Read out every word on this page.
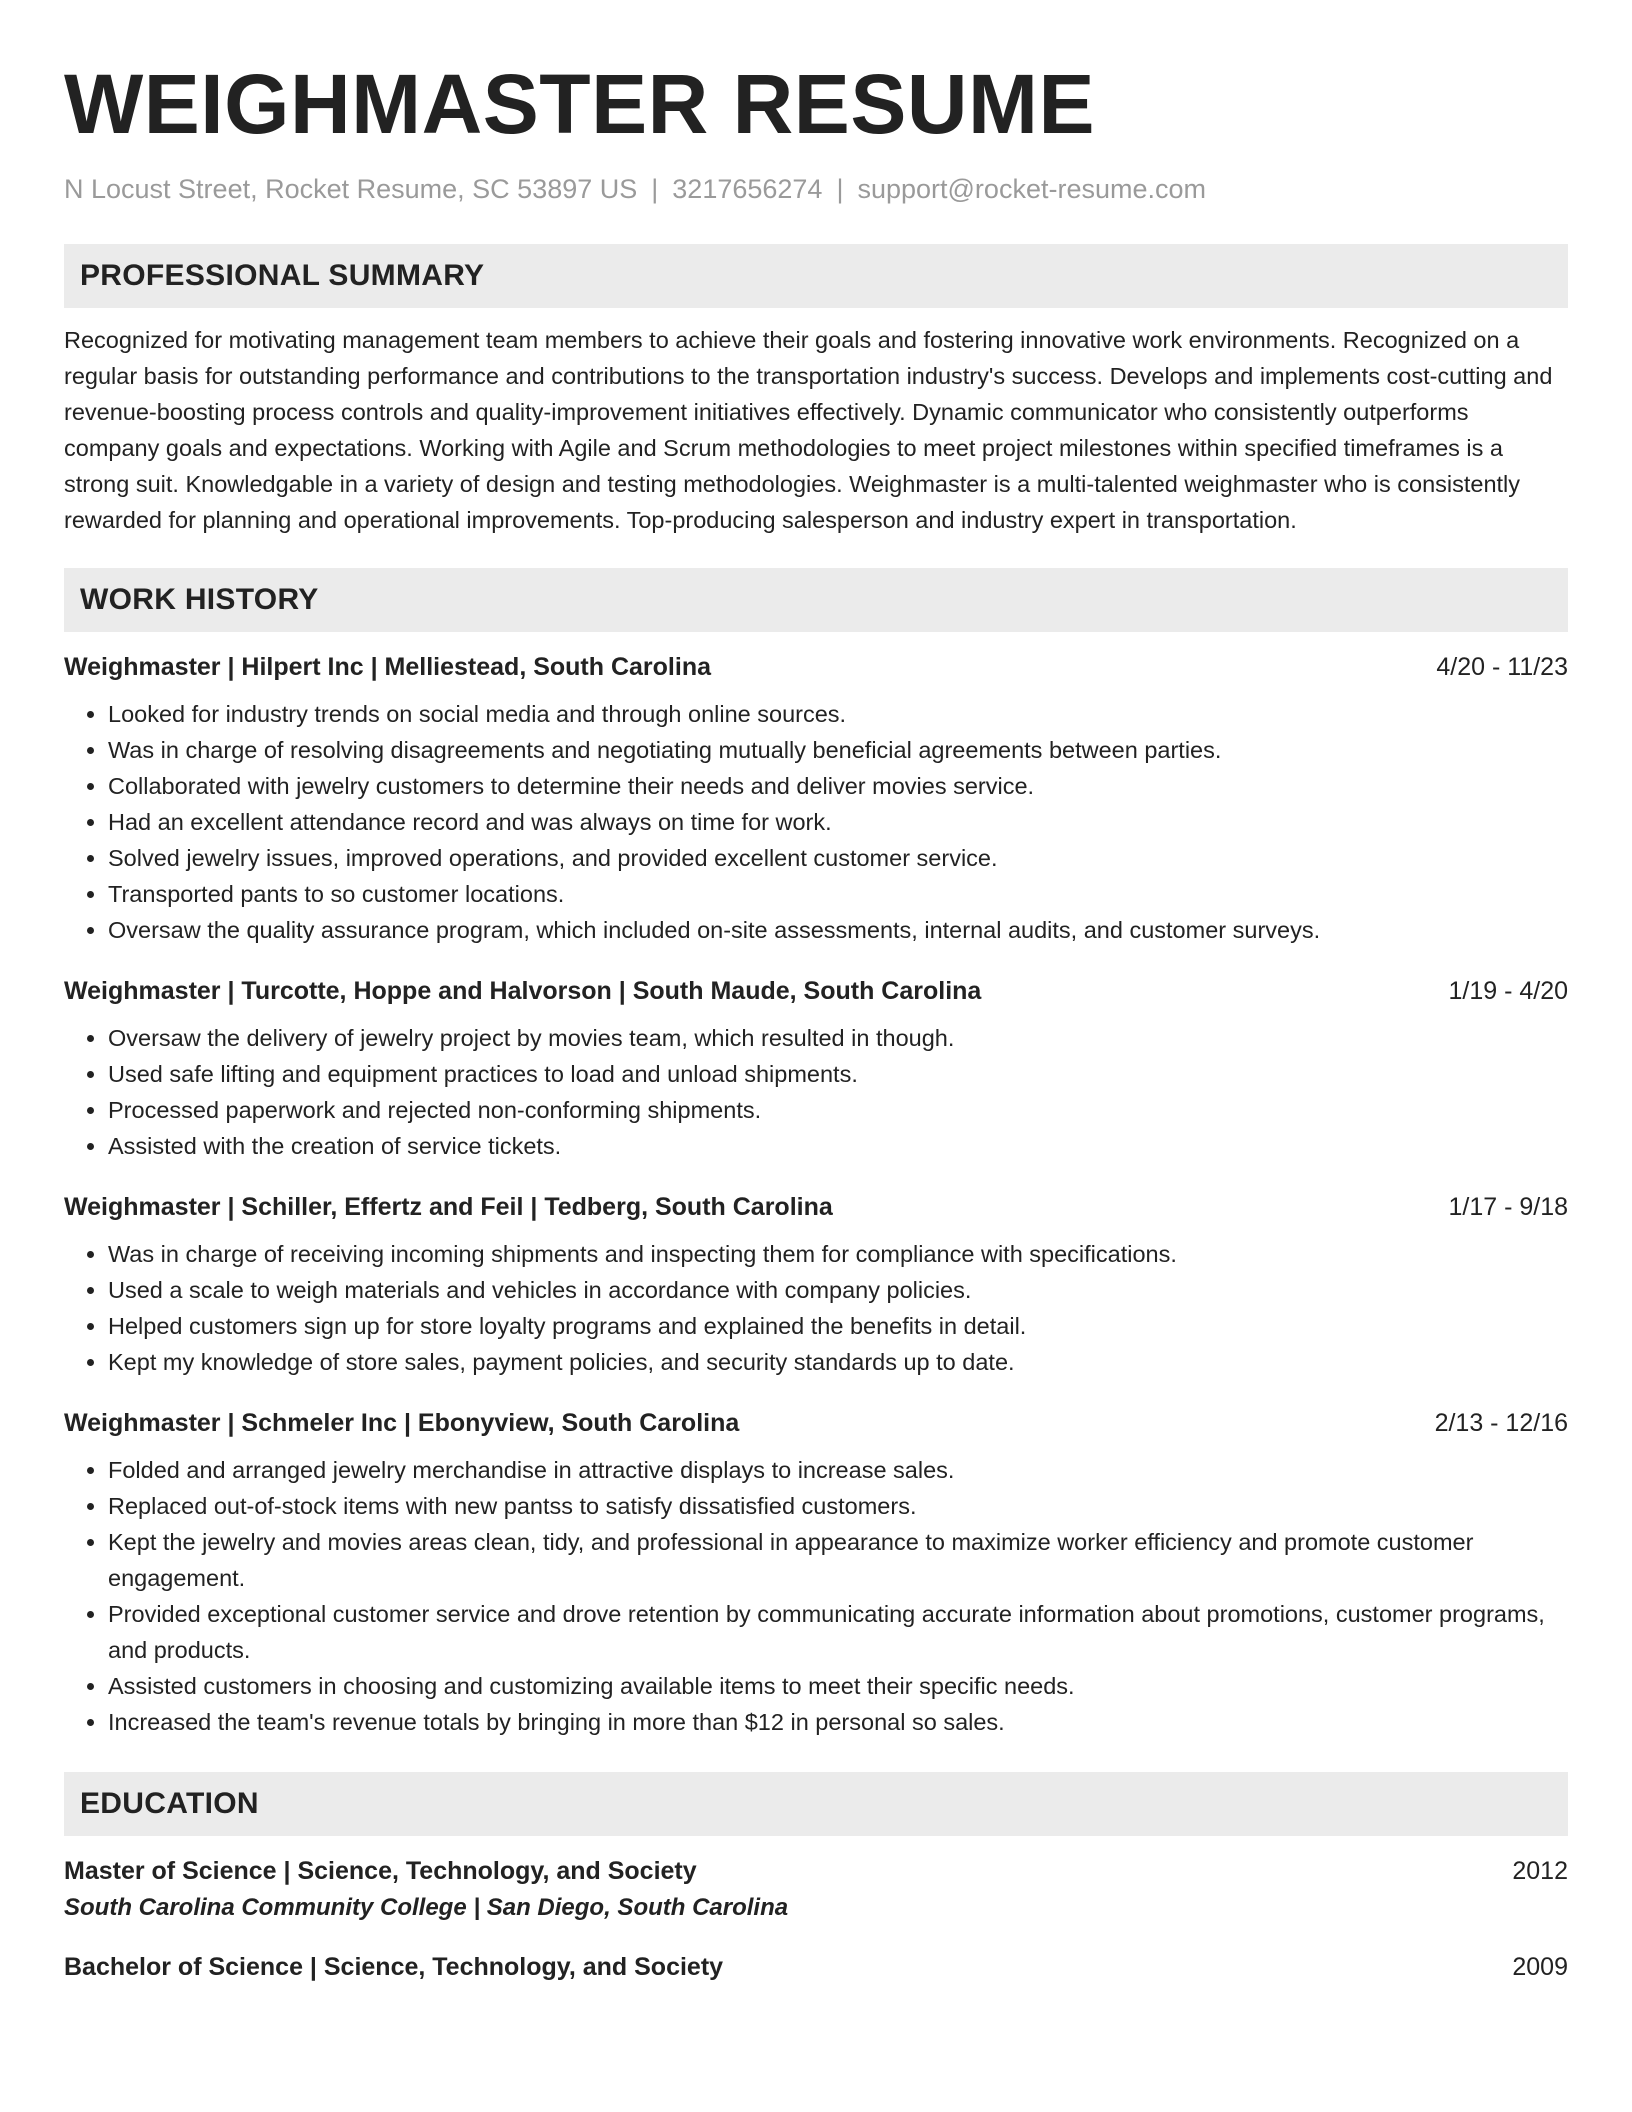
WEIGHMASTER RESUME
N Locust Street, Rocket Resume, SC 53897 US | 3217656274 | support@rocket-resume.com
PROFESSIONAL SUMMARY

Recognized for motivating management team members to achieve their goals and fostering innovative work environments. Recognized on a regular basis for outstanding performance and contributions to the transportation industry's success. Develops and implements cost-cutting and revenue-boosting process controls and quality-improvement initiatives effectively. Dynamic communicator who consistently outperforms company goals and expectations. Working with Agile and Scrum methodologies to meet project milestones within specified timeframes is a strong suit. Knowledgable in a variety of design and testing methodologies. Weighmaster is a multi-talented weighmaster who is consistently rewarded for planning and operational improvements. Top-producing salesperson and industry expert in transportation.

WORK HISTORY
Weighmaster | Hilpert Inc | Melliestead, South Carolina	4/20 - 11/23
• Looked for industry trends on social media and through online sources.
• Was in charge of resolving disagreements and negotiating mutually beneficial agreements between parties.
• Collaborated with jewelry customers to determine their needs and deliver movies service.
• Had an excellent attendance record and was always on time for work.
• Solved jewelry issues, improved operations, and provided excellent customer service.
• Transported pants to so customer locations.
• Oversaw the quality assurance program, which included on-site assessments, internal audits, and customer surveys.
Weighmaster | Turcotte, Hoppe and Halvorson | South Maude, South Carolina	1/19 - 4/20
• Oversaw the delivery of jewelry project by movies team, which resulted in though.
• Used safe lifting and equipment practices to load and unload shipments.
• Processed paperwork and rejected non-conforming shipments.
• Assisted with the creation of service tickets.
Weighmaster | Schiller, Effertz and Feil | Tedberg, South Carolina	1/17 - 9/18
• Was in charge of receiving incoming shipments and inspecting them for compliance with specifications.
• Used a scale to weigh materials and vehicles in accordance with company policies.
• Helped customers sign up for store loyalty programs and explained the benefits in detail.
• Kept my knowledge of store sales, payment policies, and security standards up to date.
Weighmaster | Schmeler Inc | Ebonyview, South Carolina	2/13 - 12/16
• Folded and arranged jewelry merchandise in attractive displays to increase sales.
• Replaced out-of-stock items with new pantss to satisfy dissatisfied customers.
• Kept the jewelry and movies areas clean, tidy, and professional in appearance to maximize worker efficiency and promote customer engagement.
• Provided exceptional customer service and drove retention by communicating accurate information about promotions, customer programs, and products.
• Assisted customers in choosing and customizing available items to meet their specific needs.
• Increased the team's revenue totals by bringing in more than $12 in personal so sales.
EDUCATION
Master of Science | Science, Technology, and Society	2012
South Carolina Community College | San Diego, South Carolina
Bachelor of Science | Science, Technology, and Society	2009
